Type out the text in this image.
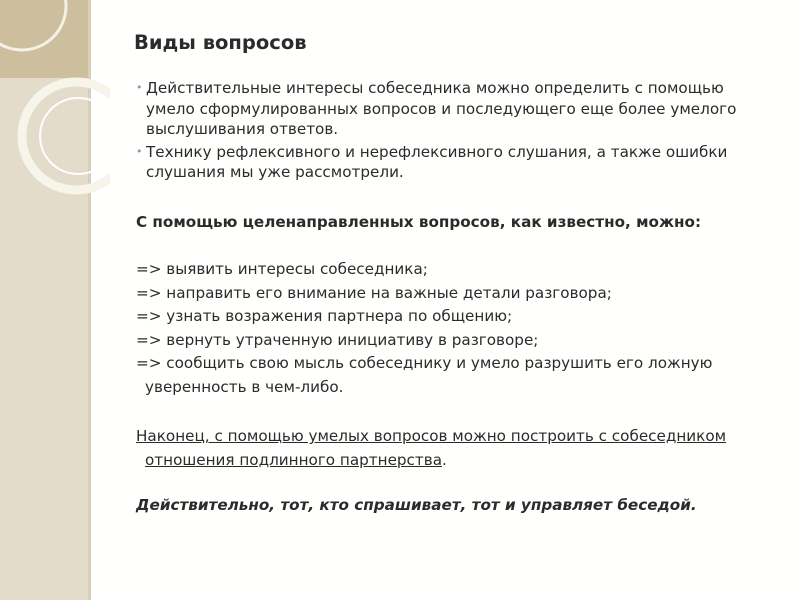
Виды вопросов
• Действительные интересы собеседника можно определить с помощью умело сформулированных вопросов и последующего еще более умелого выслушивания ответов.
• Технику рефлексивного и нерефлексивного слушания, а также ошибки слушания мы уже рассмотрели.

С помощью целенаправленных вопросов, как известно, можно:

=> выявить интересы собеседника;
=> направить его внимание на важные детали разговора;
=> узнать возражения партнера по общению;
=> вернуть утраченную инициативу в разговоре;
=> сообщить свою мысль собеседнику и умело разрушить его ложную уверенность в чем-либо.

Наконец, с помощью умелых вопросов можно построить с собеседником отношения подлинного партнерства.

Действительно, тот, кто спрашивает, тот и управляет беседой.
